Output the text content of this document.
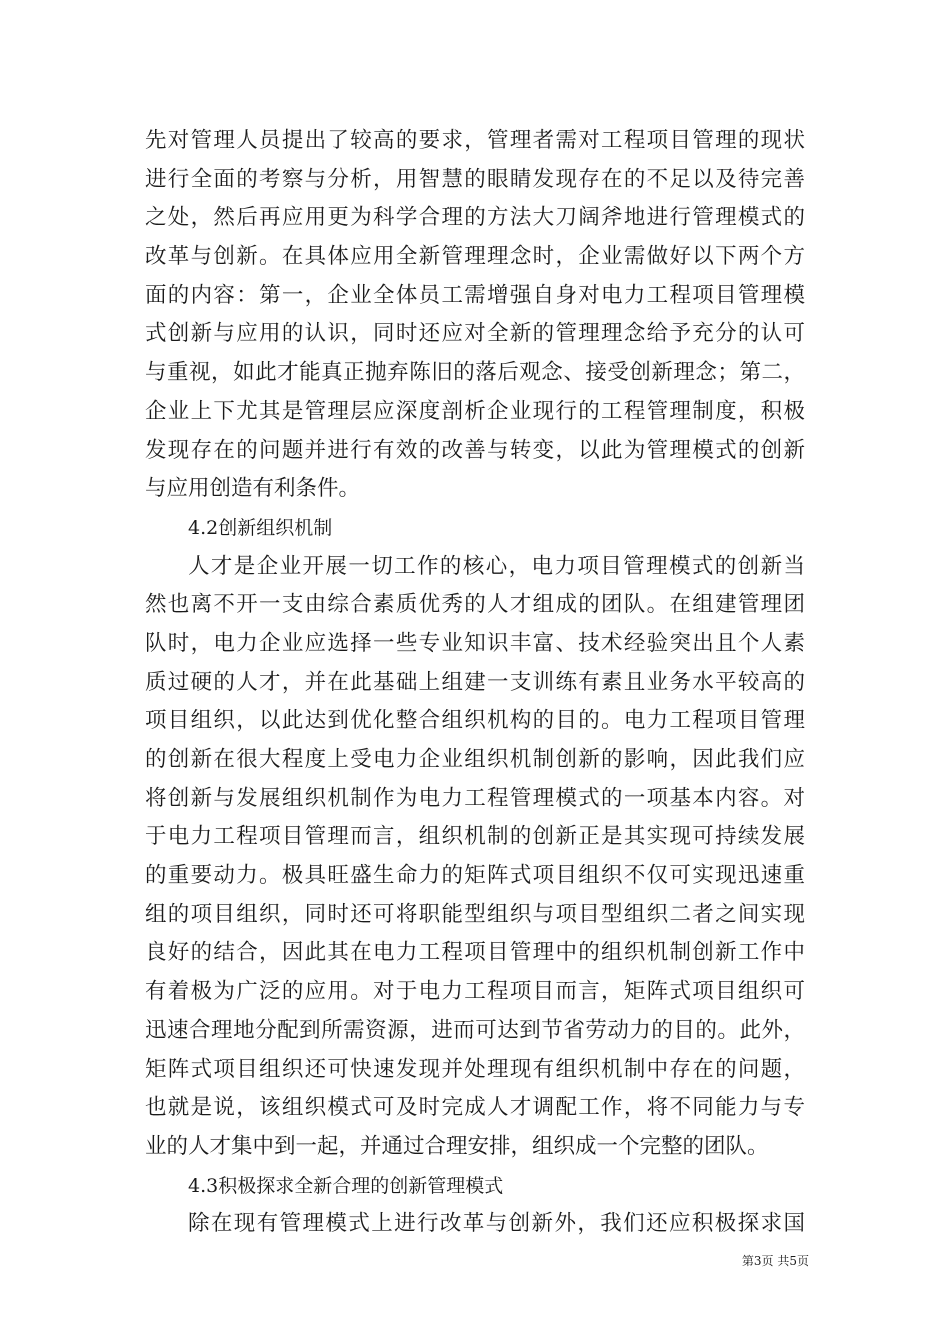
先对管理人员提出了较高的要求，管理者需对工程项目管理的现状
进行全面的考察与分析，用智慧的眼睛发现存在的不足以及待完善
之处，然后再应用更为科学合理的方法大刀阔斧地进行管理模式的
改革与创新。在具体应用全新管理理念时，企业需做好以下两个方
面的内容：第一，企业全体员工需增强自身对电力工程项目管理模
式创新与应用的认识，同时还应对全新的管理理念给予充分的认可
与重视，如此才能真正抛弃陈旧的落后观念、接受创新理念；第二，
企业上下尤其是管理层应深度剖析企业现行的工程管理制度，积极
发现存在的问题并进行有效的改善与转变，以此为管理模式的创新
与应用创造有利条件。
4.2创新组织机制
人才是企业开展一切工作的核心，电力项目管理模式的创新当
然也离不开一支由综合素质优秀的人才组成的团队。在组建管理团
队时，电力企业应选择一些专业知识丰富、技术经验突出且个人素
质过硬的人才，并在此基础上组建一支训练有素且业务水平较高的
项目组织，以此达到优化整合组织机构的目的。电力工程项目管理
的创新在很大程度上受电力企业组织机制创新的影响，因此我们应
将创新与发展组织机制作为电力工程管理模式的一项基本内容。对
于电力工程项目管理而言，组织机制的创新正是其实现可持续发展
的重要动力。极具旺盛生命力的矩阵式项目组织不仅可实现迅速重
组的项目组织，同时还可将职能型组织与项目型组织二者之间实现
良好的结合，因此其在电力工程项目管理中的组织机制创新工作中
有着极为广泛的应用。对于电力工程项目而言，矩阵式项目组织可
迅速合理地分配到所需资源，进而可达到节省劳动力的目的。此外，
矩阵式项目组织还可快速发现并处理现有组织机制中存在的问题，
也就是说，该组织模式可及时完成人才调配工作，将不同能力与专
业的人才集中到一起，并通过合理安排，组织成一个完整的团队。
4.3积极探求全新合理的创新管理模式
除在现有管理模式上进行改革与创新外，我们还应积极探求国
第3页 共5页
